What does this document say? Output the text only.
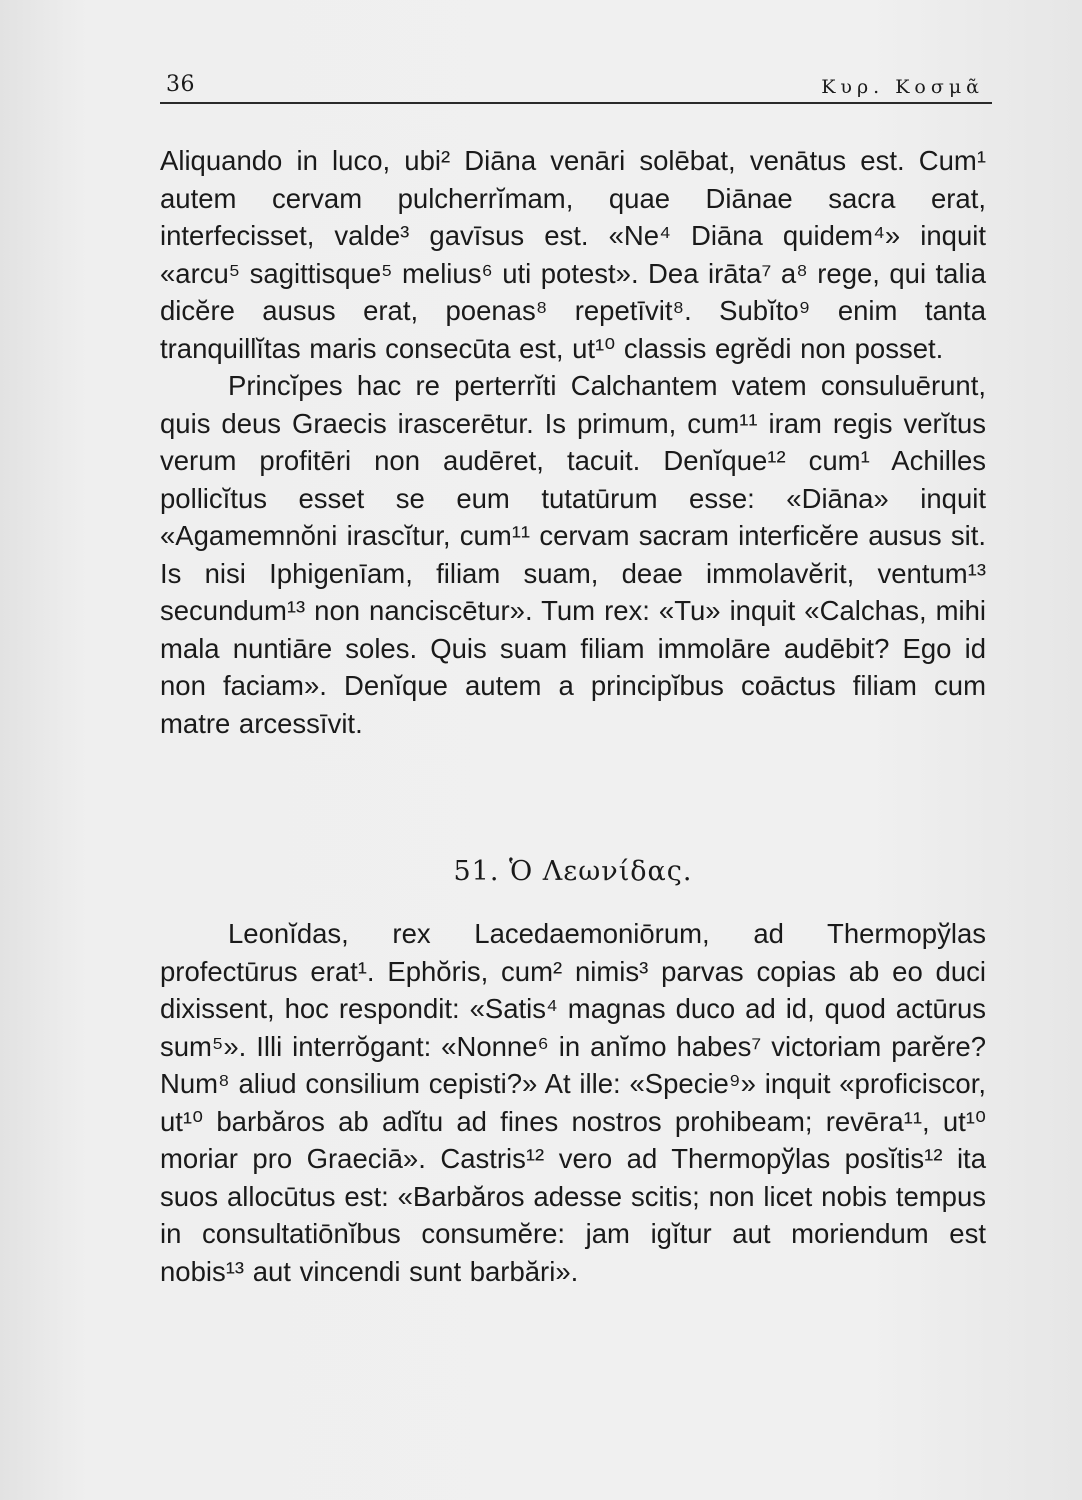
36	Κυρ. Κοσμᾶ

Aliquando in luco, ubi² Diāna venāri solēbat, venātus est. Cum¹ autem cervam pulcherrĭmam, quae Diānae sacra erat, interfecisset, valde³ gavīsus est. «Ne⁴ Diāna quidem⁴» inquit «arcu⁵ sagittisque⁵ melius⁶ uti potest». Dea irāta⁷ a⁸ rege, qui talia dicĕre ausus erat, poenas⁸ repetīvit⁸. Subĭto⁹ enim tanta tranquillĭtas maris consecūta est, ut¹⁰ classis egrĕdi non posset.

Princĭpes hac re perterrĭti Calchantem vatem consuluērunt, quis deus Graecis irascerētur. Is primum, cum¹¹ iram regis verĭtus verum profitēri non audēret, tacuit. Denĭque¹² cum¹ Achilles pollicĭtus esset se eum tutatūrum esse: «Diāna» inquit «Agamemnŏni irascĭtur, cum¹¹ cervam sacram interficĕre ausus sit. Is nisi Iphigenīam, filiam suam, deae immolavĕrit, ventum¹³ secundum¹³ non nanciscētur». Tum rex: «Tu» inquit «Calchas, mihi mala nuntiāre soles. Quis suam filiam immolāre audēbit? Ego id non faciam». Denĭque autem a principĭbus coāctus filiam cum matre arcessīvit.

51. Ὁ Λεωνίδας.

Leonĭdas, rex Lacedaemoniōrum, ad Thermopўlas profectūrus erat¹. Ephŏris, cum² nimis³ parvas copias ab eo duci dixissent, hoc respondit: «Satis⁴ magnas duco ad id, quod actūrus sum⁵». Illi interrŏgant: «Nonne⁶ in anĭmo habes⁷ victoriam parĕre? Num⁸ aliud consilium cepisti?» At ille: «Specie⁹» inquit «proficiscor, ut¹⁰ barbăros ab adĭtu ad fines nostros prohibeam; revēra¹¹, ut¹⁰ moriar pro Graeciā». Castris¹² vero ad Thermopўlas posĭtis¹² ita suos allocūtus est: «Barbăros adesse scitis; non licet nobis tempus in consultatiōnĭbus consumĕre: jam igĭtur aut moriendum est nobis¹³ aut vincendi sunt barbări».
